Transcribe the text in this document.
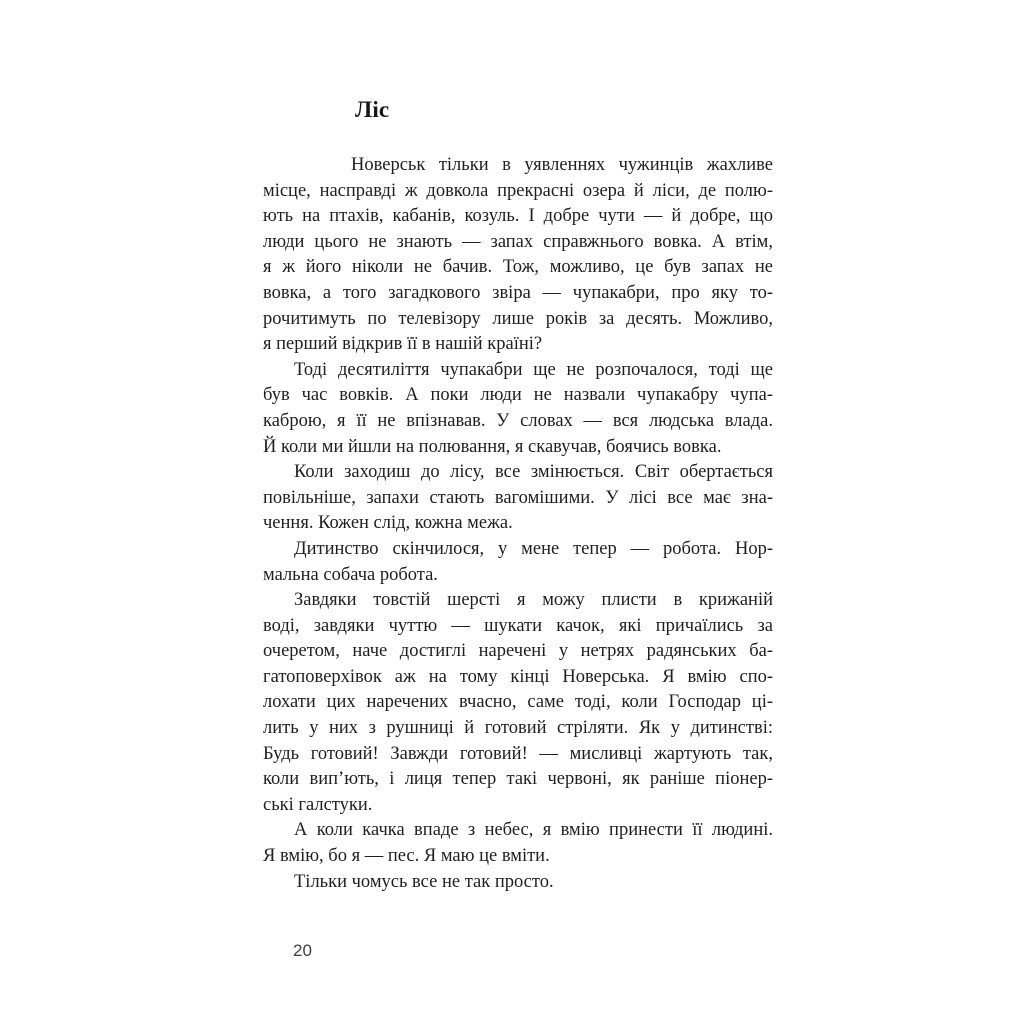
Ліс
Новерськ тільки в уявленнях чужинців жахливе
місце, насправді ж довкола прекрасні озера й ліси, де полю-
ють на птахів, кабанів, козуль. І добре чути — й добре, що
люди цього не знають — запах справжнього вовка. А втім,
я ж його ніколи не бачив. Тож, можливо, це був запах не
вовка, а того загадкового звіра — чупакабри, про яку то-
рочитимуть по телевізору лише років за десять. Можливо,
я перший відкрив її в нашій країні?
Тоді десятиліття чупакабри ще не розпочалося, тоді ще
був час вовків. А поки люди не назвали чупакабру чупа-
каброю, я її не впізнавав. У словах — вся людська влада.
Й коли ми йшли на полювання, я скавучав, боячись вовка.
Коли заходиш до лісу, все змінюється. Світ обертається
повільніше, запахи стають вагомішими. У лісі все має зна-
чення. Кожен слід, кожна межа.
Дитинство скінчилося, у мене тепер — робота. Нор-
мальна собача робота.
Завдяки товстій шерсті я можу плисти в крижаній
воді, завдяки чуттю — шукати качок, які причаїлись за
очеретом, наче достиглі наречені у нетрях радянських ба-
гатоповерхівок аж на тому кінці Новерська. Я вмію спо-
лохати цих наречених вчасно, саме тоді, коли Господар ці-
лить у них з рушниці й готовий стріляти. Як у дитинстві:
Будь готовий! Завжди готовий! — мисливці жартують так,
коли вип’ють, і лиця тепер такі червоні, як раніше піонер-
ські галстуки.
А коли качка впаде з небес, я вмію принести її людині.
Я вмію, бо я — пес. Я маю це вміти.
Тільки чомусь все не так просто.
20
